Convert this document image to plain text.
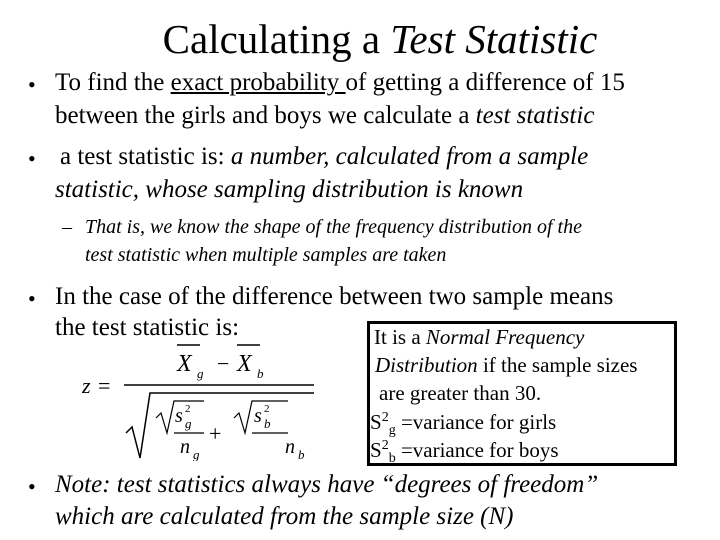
Calculating a Test Statistic
• To find the exact probability of getting a difference of 15
between the girls and boys we calculate a test statistic
• a test statistic is: a number, calculated from a sample
statistic, whose sampling distribution is known
– That is, we know the shape of the frequency distribution of the
test statistic when multiple samples are taken
• In the case of the difference between two sample means
the test statistic is:
z =
X g − X b
s 2
g
n g
+
s 2
b
n b
It is a Normal Frequency
Distribution if the sample sizes
are greater than 30.
$S^2_g$ =variance for girls
$S^2_b$ =variance for boys
• Note: test statistics always have “degrees of freedom”
which are calculated from the sample size (N)
